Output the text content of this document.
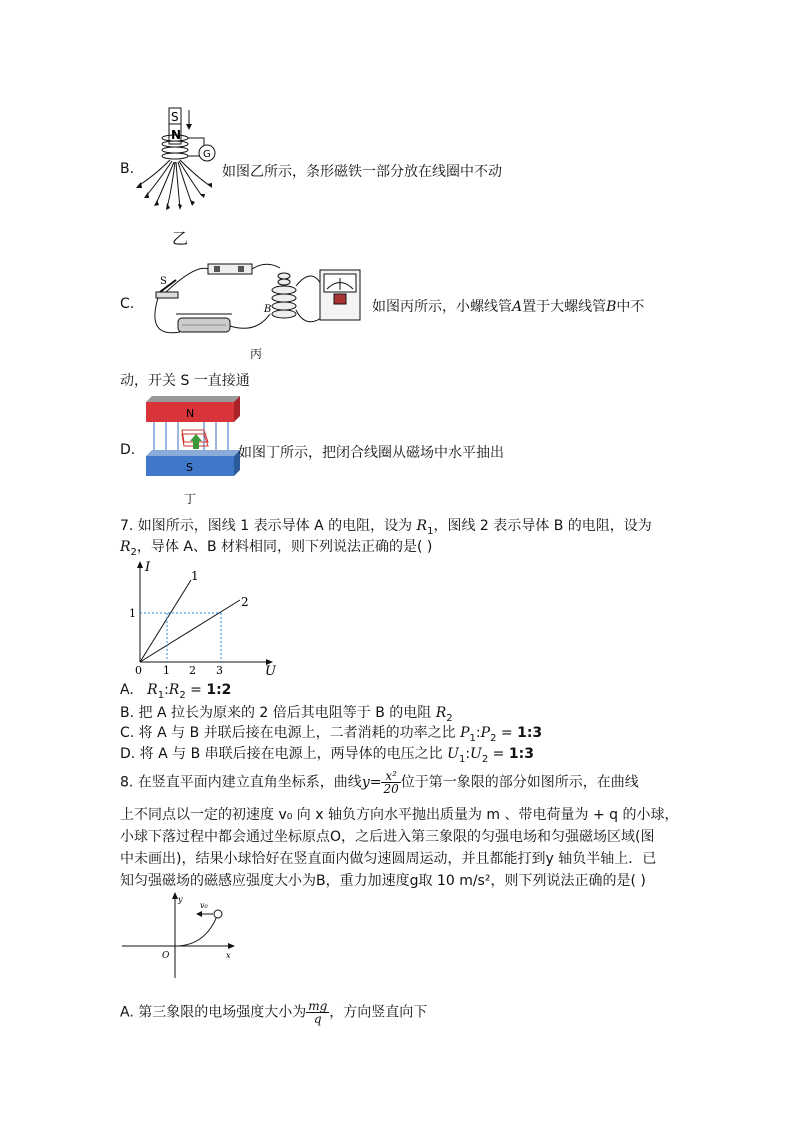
B.
S
N
G
如图乙所示，条形磁铁一部分放在线圈中不动
乙
C.
S
B
丙
如图丙所示，小螺线管A置于大螺线管B中不
动，开关 S 一直接通
D.
N
S
丁
如图丁所示，把闭合线圈从磁场中水平抽出
7. 如图所示，图线 1 表示导体 A 的电阻，设为 $R_1$，图线 2 表示导体 B 的电阻，设为
$R_2$，导体 A、B 材料相同，则下列说法正确的是( )
I
U
0 1 2 3
1
1
2
A. $R_1:R_2$ = 1:2
B. 把 A 拉长为原来的 2 倍后其电阻等于 B 的电阻 $R_2$
C. 将 A 与 B 并联后接在电源上，二者消耗的功率之比 $P_1:P_2$ = 1:3
D. 将 A 与 B 串联后接在电源上，两导体的电压之比 $U_1:U_2$ = 1:3
8. 在竖直平面内建立直角坐标系，曲线$y= \frac{\text{x²}}{20}$ 位于第一象限的部分如图所示，在曲线
上不同点以一定的初速度 v₀ 向 x 轴负方向水平抛出质量为 m 、带电荷量为 + q 的小球，
小球下落过程中都会通过坐标原点O，之后进入第三象限的匀强电场和匀强磁场区域(图
中未画出)，结果小球恰好在竖直面内做匀速圆周运动，并且都能打到y 轴负半轴上．已
知匀强磁场的磁感应强度大小为B，重力加速度g取 10 m/s²，则下列说法正确的是( )
y
x
O
v₀
A. 第三象限的电场强度大小为 $\frac{mg}{q}$ ，方向竖直向下
